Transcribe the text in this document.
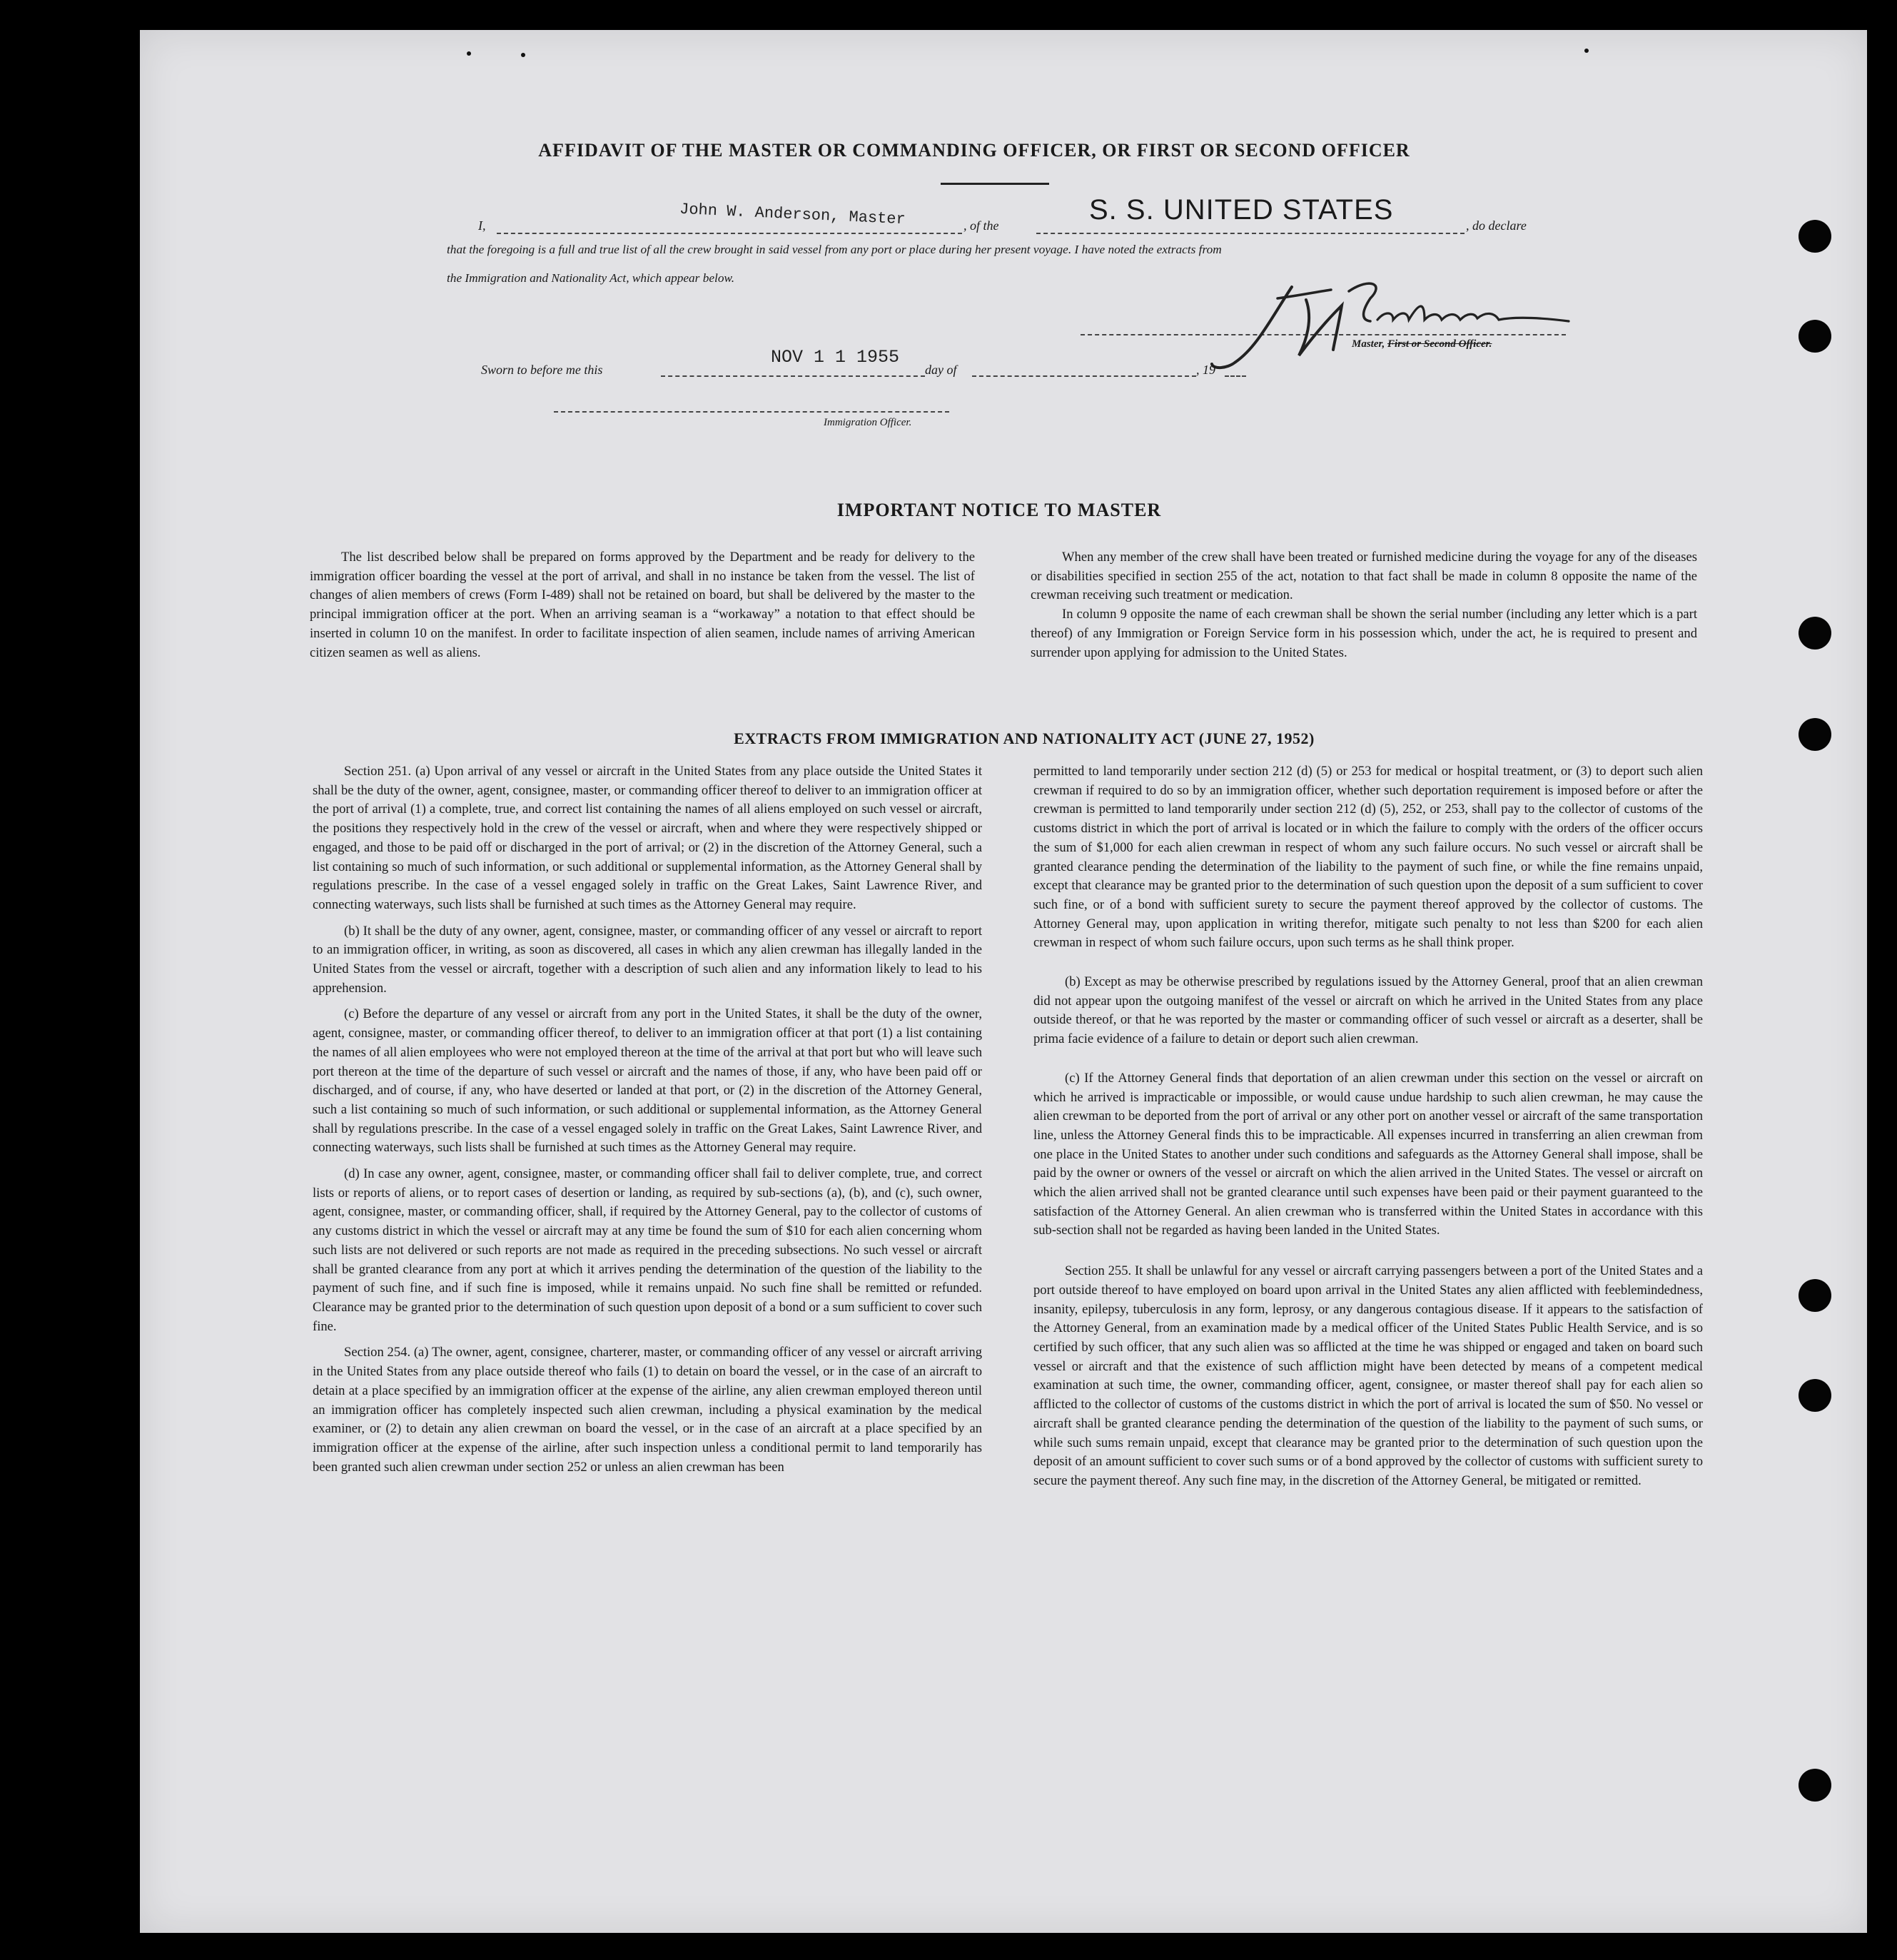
AFFIDAVIT OF THE MASTER OR COMMANDING OFFICER, OR FIRST OR SECOND OFFICER
I,	John W. Anderson, Master	, of the	S. S. UNITED STATES	, do declare
that the foregoing is a full and true list of all the crew brought in said vessel from any port or place during her present voyage. I have noted the extracts from
the Immigration and Nationality Act, which appear below.
Master, First or Second Officer.
Sworn to before me this
NOV 1 1 1955
day of	, 19
Immigration Officer.
IMPORTANT NOTICE TO MASTER

The list described below shall be prepared on forms approved by the Department and be ready for delivery to the immigration officer boarding the vessel at the port of arrival, and shall in no instance be taken from the vessel. The list of changes of alien members of crews (Form I-489) shall not be retained on board, but shall be delivered by the master to the principal immigration officer at the port. When an arriving seaman is a “workaway” a notation to that effect should be inserted in column 10 on the manifest. In order to facilitate inspection of alien seamen, include names of arriving American citizen seamen as well as aliens.

When any member of the crew shall have been treated or furnished medicine during the voyage for any of the diseases or disabilities specified in section 255 of the act, notation to that fact shall be made in column 8 opposite the name of the crewman receiving such treatment or medication.

In column 9 opposite the name of each crewman shall be shown the serial number (including any letter which is a part thereof) of any Immigration or Foreign Service form in his possession which, under the act, he is required to present and surrender upon applying for admission to the United States.

EXTRACTS FROM IMMIGRATION AND NATIONALITY ACT (JUNE 27, 1952)

Section 251. (a) Upon arrival of any vessel or aircraft in the United States from any place outside the United States it shall be the duty of the owner, agent, consignee, master, or commanding officer thereof to deliver to an immigration officer at the port of arrival (1) a complete, true, and correct list containing the names of all aliens employed on such vessel or aircraft, the positions they respectively hold in the crew of the vessel or aircraft, when and where they were respectively shipped or engaged, and those to be paid off or discharged in the port of arrival; or (2) in the discretion of the Attorney General, such a list containing so much of such information, or such additional or supplemental information, as the Attorney General shall by regulations prescribe. In the case of a vessel engaged solely in traffic on the Great Lakes, Saint Lawrence River, and connecting waterways, such lists shall be furnished at such times as the Attorney General may require.

(b) It shall be the duty of any owner, agent, consignee, master, or commanding officer of any vessel or aircraft to report to an immigration officer, in writing, as soon as discovered, all cases in which any alien crewman has illegally landed in the United States from the vessel or aircraft, together with a description of such alien and any information likely to lead to his apprehension.

(c) Before the departure of any vessel or aircraft from any port in the United States, it shall be the duty of the owner, agent, consignee, master, or commanding officer thereof, to deliver to an immigration officer at that port (1) a list containing the names of all alien employees who were not employed thereon at the time of the arrival at that port but who will leave such port thereon at the time of the departure of such vessel or aircraft and the names of those, if any, who have been paid off or discharged, and of course, if any, who have deserted or landed at that port, or (2) in the discretion of the Attorney General, such a list containing so much of such information, or such additional or supplemental information, as the Attorney General shall by regulations prescribe. In the case of a vessel engaged solely in traffic on the Great Lakes, Saint Lawrence River, and connecting waterways, such lists shall be furnished at such times as the Attorney General may require.

(d) In case any owner, agent, consignee, master, or commanding officer shall fail to deliver complete, true, and correct lists or reports of aliens, or to report cases of desertion or landing, as required by sub-sections (a), (b), and (c), such owner, agent, consignee, master, or commanding officer, shall, if required by the Attorney General, pay to the collector of customs of any customs district in which the vessel or aircraft may at any time be found the sum of $10 for each alien concerning whom such lists are not delivered or such reports are not made as required in the preceding subsections. No such vessel or aircraft shall be granted clearance from any port at which it arrives pending the determination of the question of the liability to the payment of such fine, and if such fine is imposed, while it remains unpaid. No such fine shall be remitted or refunded. Clearance may be granted prior to the determination of such question upon deposit of a bond or a sum sufficient to cover such fine.

Section 254. (a) The owner, agent, consignee, charterer, master, or commanding officer of any vessel or aircraft arriving in the United States from any place outside thereof who fails (1) to detain on board the vessel, or in the case of an aircraft to detain at a place specified by an immigration officer at the expense of the airline, any alien crewman employed thereon until an immigration officer has completely inspected such alien crewman, including a physical examination by the medical examiner, or (2) to detain any alien crewman on board the vessel, or in the case of an aircraft at a place specified by an immigration officer at the expense of the airline, after such inspection unless a conditional permit to land temporarily has been granted such alien crewman under section 252 or unless an alien crewman has been

permitted to land temporarily under section 212 (d) (5) or 253 for medical or hospital treatment, or (3) to deport such alien crewman if required to do so by an immigration officer, whether such deportation requirement is imposed before or after the crewman is permitted to land temporarily under section 212 (d) (5), 252, or 253, shall pay to the collector of customs of the customs district in which the port of arrival is located or in which the failure to comply with the orders of the officer occurs the sum of $1,000 for each alien crewman in respect of whom any such failure occurs. No such vessel or aircraft shall be granted clearance pending the determination of the liability to the payment of such fine, or while the fine remains unpaid, except that clearance may be granted prior to the determination of such question upon the deposit of a sum sufficient to cover such fine, or of a bond with sufficient surety to secure the payment thereof approved by the collector of customs. The Attorney General may, upon application in writing therefor, mitigate such penalty to not less than $200 for each alien crewman in respect of whom such failure occurs, upon such terms as he shall think proper.

(b) Except as may be otherwise prescribed by regulations issued by the Attorney General, proof that an alien crewman did not appear upon the outgoing manifest of the vessel or aircraft on which he arrived in the United States from any place outside thereof, or that he was reported by the master or commanding officer of such vessel or aircraft as a deserter, shall be prima facie evidence of a failure to detain or deport such alien crewman.

(c) If the Attorney General finds that deportation of an alien crewman under this section on the vessel or aircraft on which he arrived is impracticable or impossible, or would cause undue hardship to such alien crewman, he may cause the alien crewman to be deported from the port of arrival or any other port on another vessel or aircraft of the same transportation line, unless the Attorney General finds this to be impracticable. All expenses incurred in transferring an alien crewman from one place in the United States to another under such conditions and safeguards as the Attorney General shall impose, shall be paid by the owner or owners of the vessel or aircraft on which the alien arrived in the United States. The vessel or aircraft on which the alien arrived shall not be granted clearance until such expenses have been paid or their payment guaranteed to the satisfaction of the Attorney General. An alien crewman who is transferred within the United States in accordance with this sub-section shall not be regarded as having been landed in the United States.

Section 255. It shall be unlawful for any vessel or aircraft carrying passengers between a port of the United States and a port outside thereof to have employed on board upon arrival in the United States any alien afflicted with feeblemindedness, insanity, epilepsy, tuberculosis in any form, leprosy, or any dangerous contagious disease. If it appears to the satisfaction of the Attorney General, from an examination made by a medical officer of the United States Public Health Service, and is so certified by such officer, that any such alien was so afflicted at the time he was shipped or engaged and taken on board such vessel or aircraft and that the existence of such affliction might have been detected by means of a competent medical examination at such time, the owner, commanding officer, agent, consignee, or master thereof shall pay for each alien so afflicted to the collector of customs of the customs district in which the port of arrival is located the sum of $50. No vessel or aircraft shall be granted clearance pending the determination of the question of the liability to the payment of such sums, or while such sums remain unpaid, except that clearance may be granted prior to the determination of such question upon the deposit of an amount sufficient to cover such sums or of a bond approved by the collector of customs with sufficient surety to secure the payment thereof. Any such fine may, in the discretion of the Attorney General, be mitigated or remitted.
